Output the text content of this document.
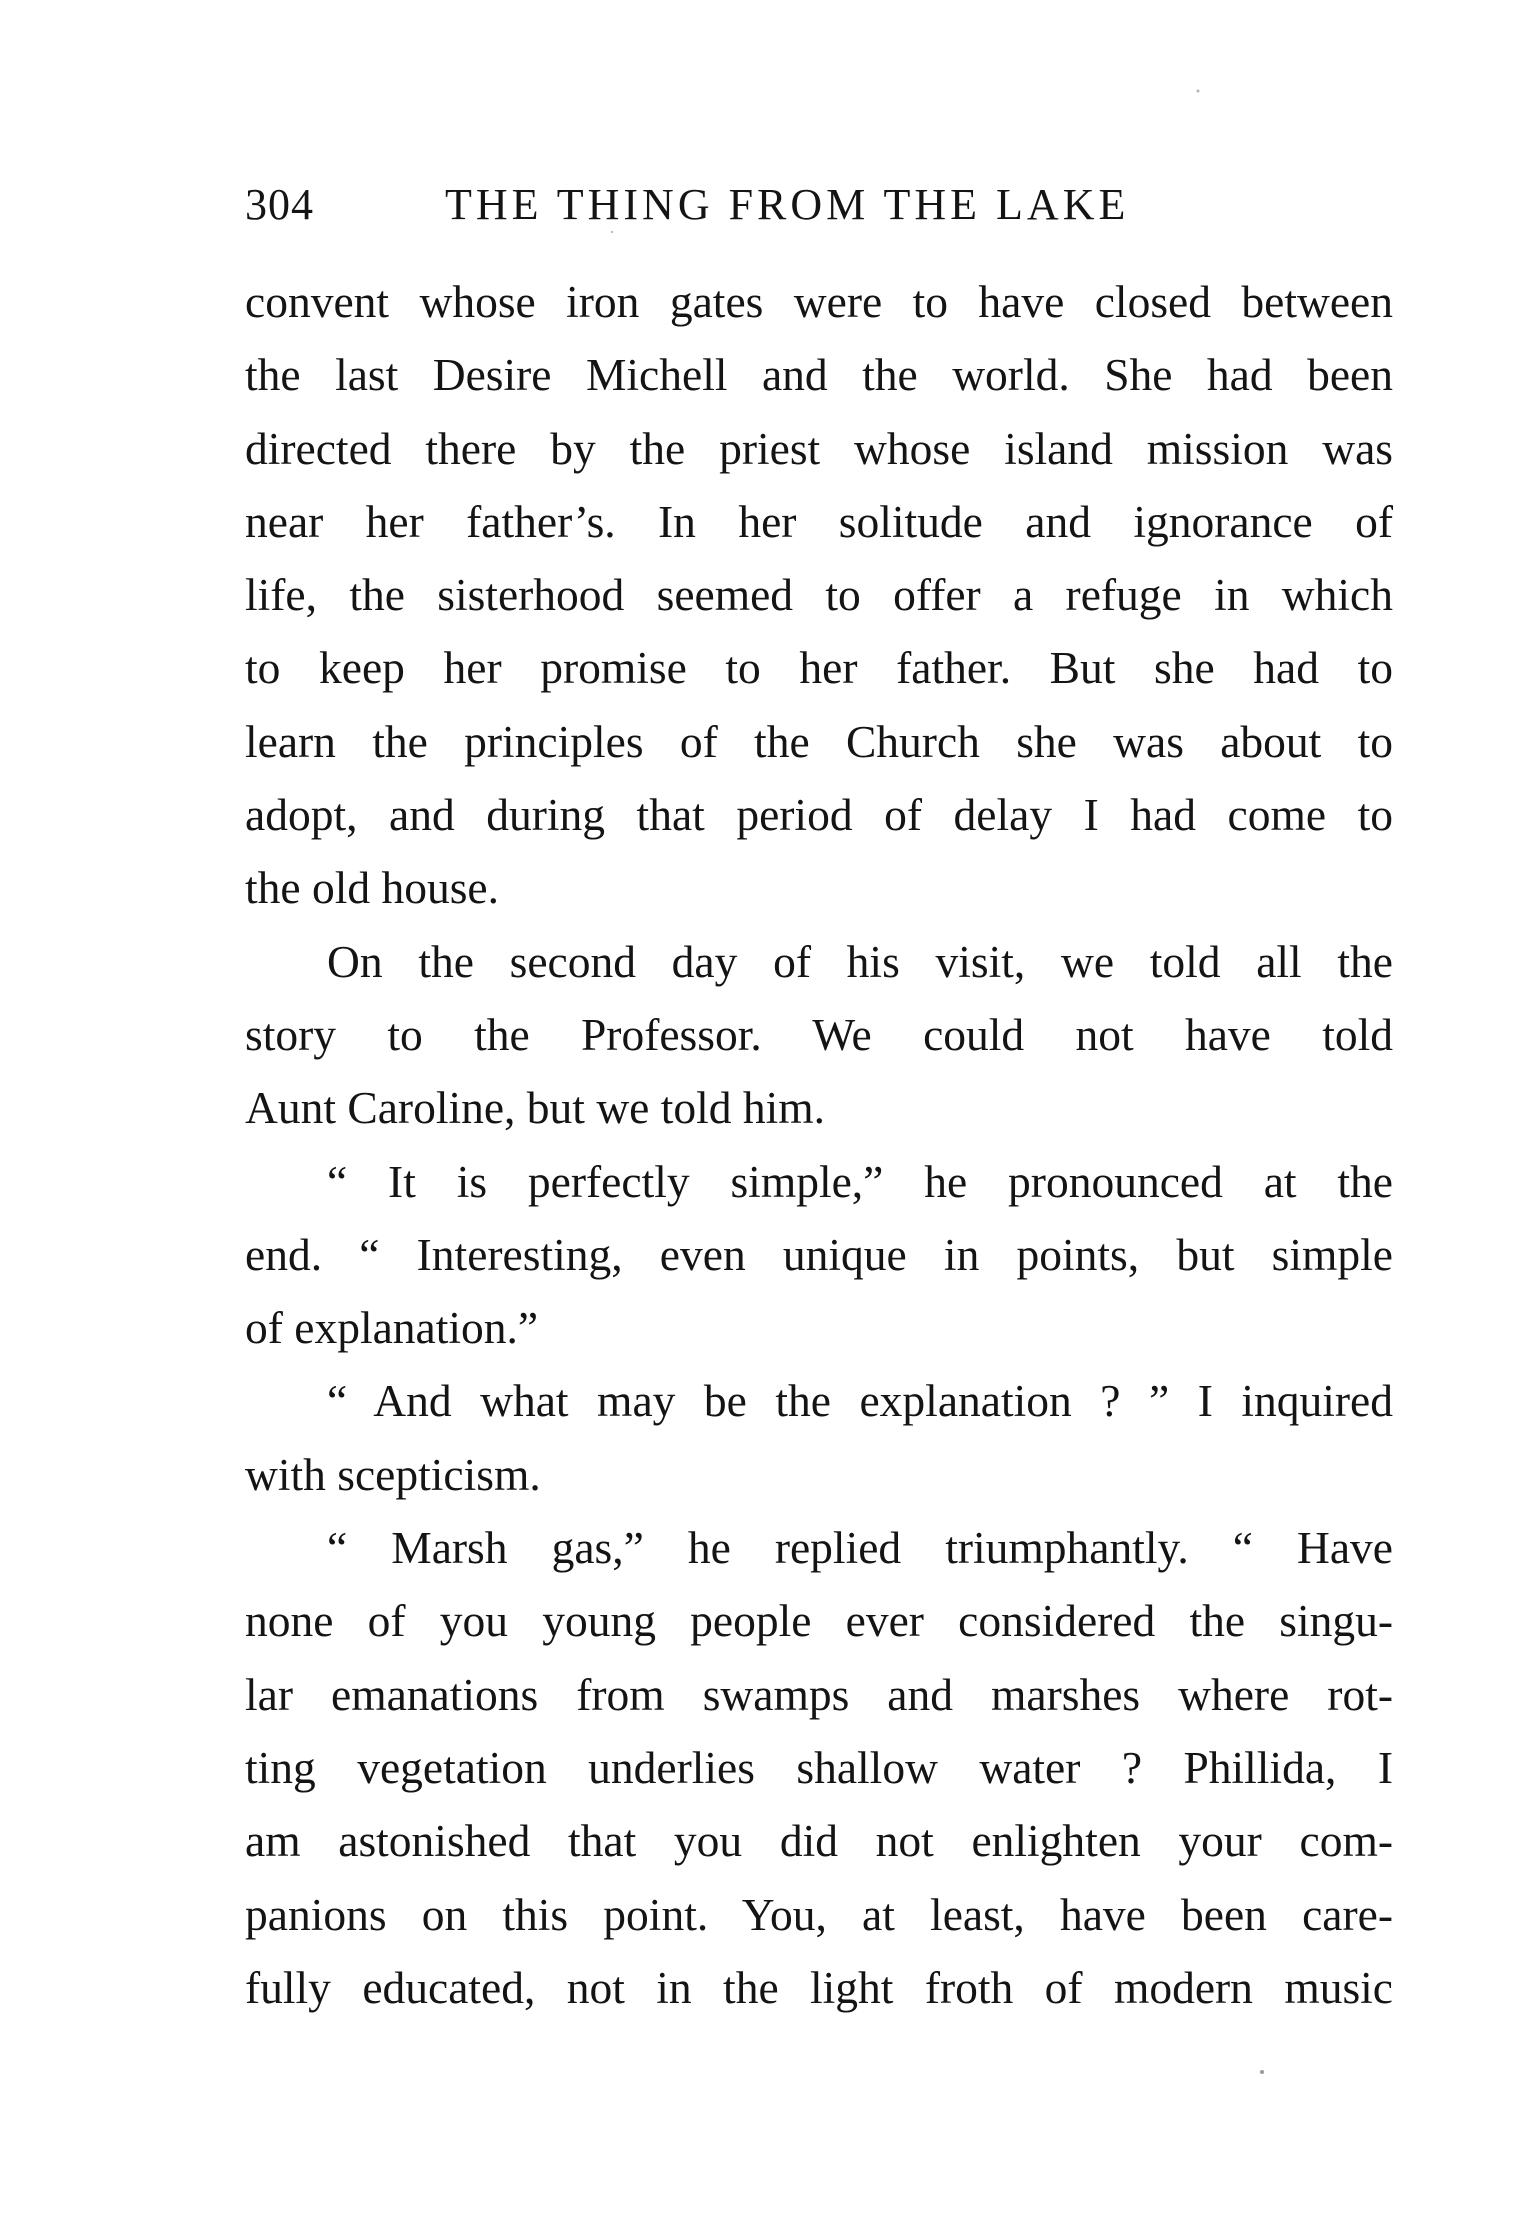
304	THE THING FROM THE LAKE
convent whose iron gates were to have closed between
the last Desire Michell and the world. She had been
directed there by the priest whose island mission was
near her father’s. In her solitude and ignorance of
life, the sisterhood seemed to offer a refuge in which
to keep her promise to her father. But she had to
learn the principles of the Church she was about to
adopt, and during that period of delay I had come to
the old house.
On the second day of his visit, we told all the
story to the Professor. We could not have told
Aunt Caroline, but we told him.
“ It is perfectly simple,” he pronounced at the
end. “ Interesting, even unique in points, but simple
of explanation.”
“ And what may be the explanation ? ” I inquired
with scepticism.
“ Marsh gas,” he replied triumphantly. “ Have
none of you young people ever considered the singu-
lar emanations from swamps and marshes where rot-
ting vegetation underlies shallow water ? Phillida, I
am astonished that you did not enlighten your com-
panions on this point. You, at least, have been care-
fully educated, not in the light froth of modern music
